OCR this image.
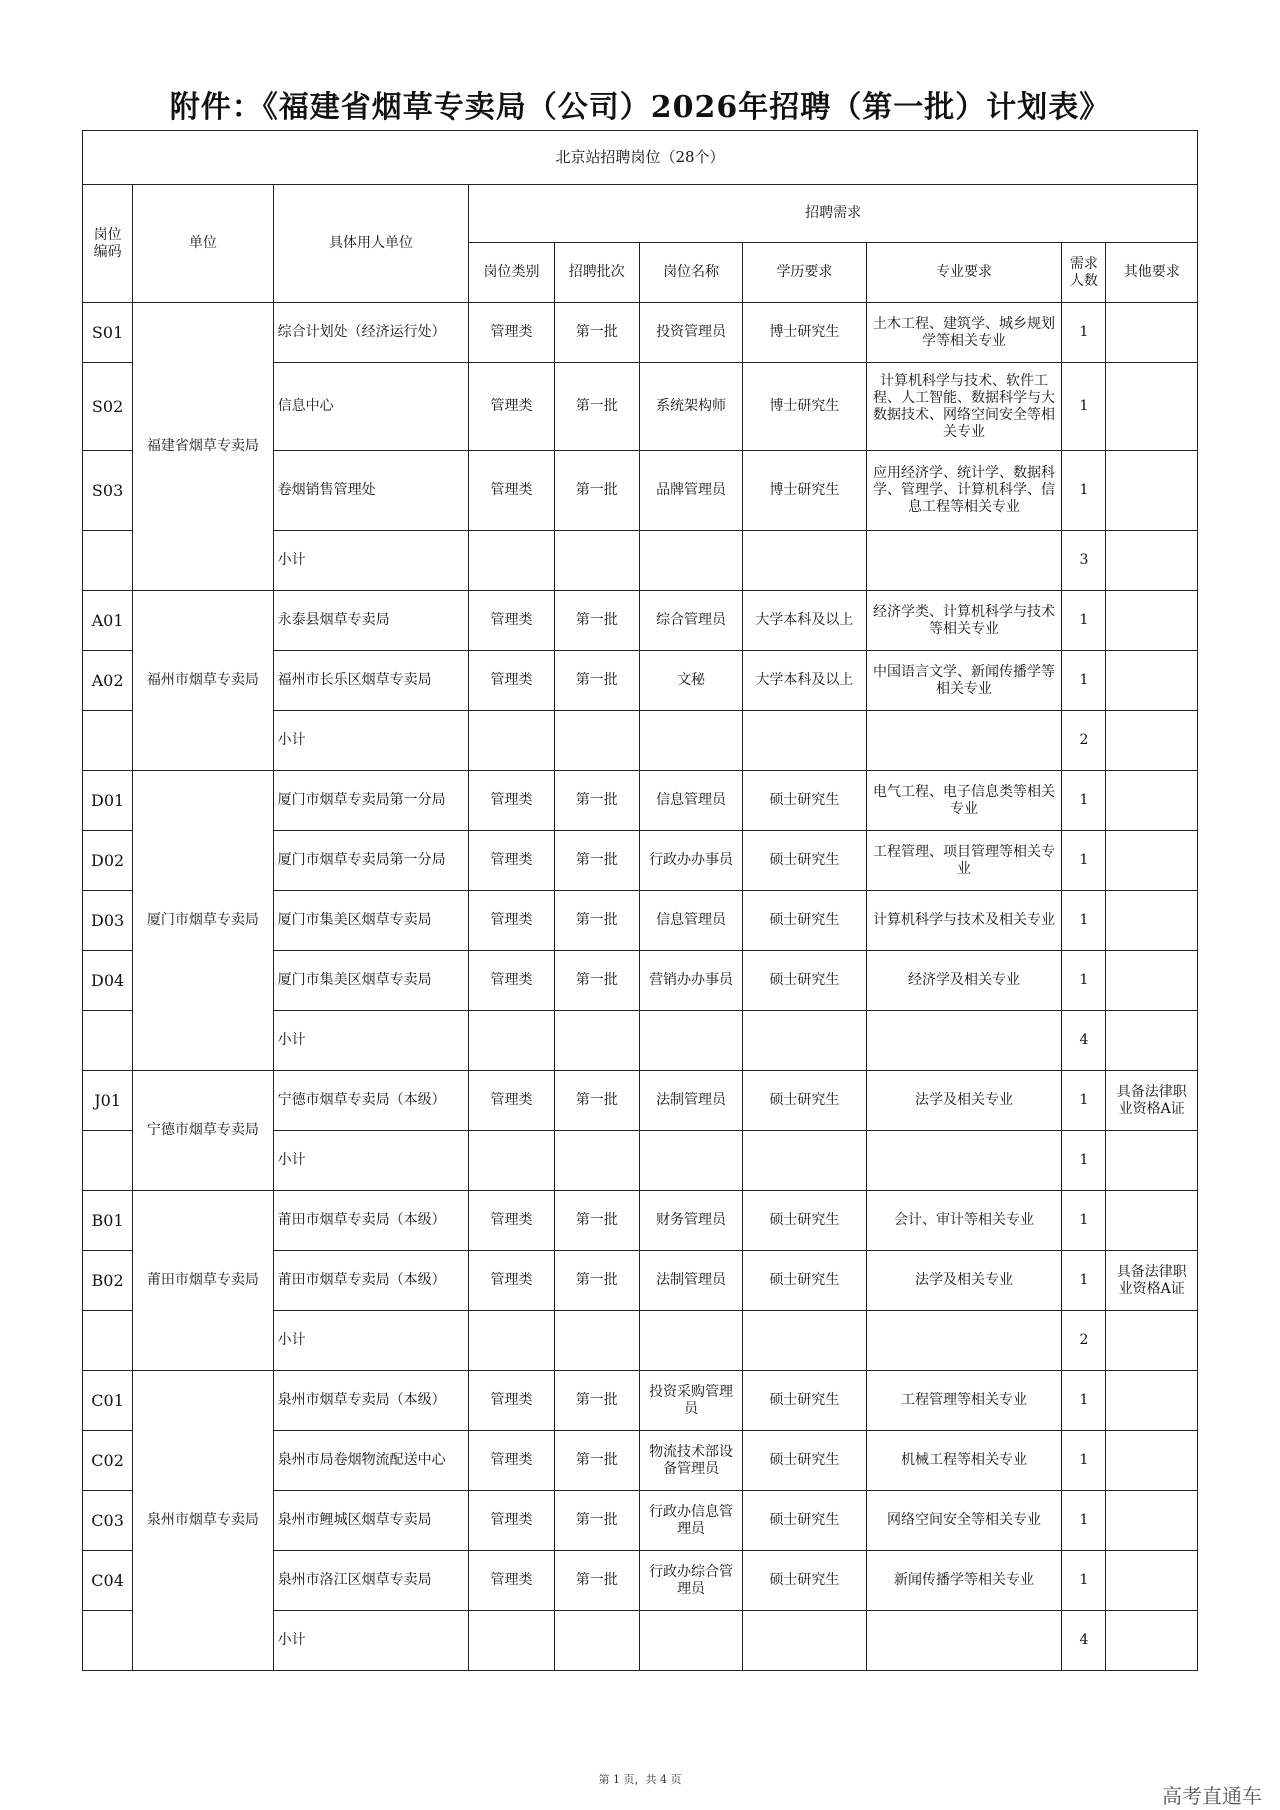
附件：《福建省烟草专卖局（公司）2026年招聘（第一批）计划表》
北京站招聘岗位（28个）									
岗位编码	单位	具体用人单位	招聘需求						
			岗位类别	招聘批次	岗位名称	学历要求	专业要求	需求人数	其他要求
S01	福建省烟草专卖局	综合计划处（经济运行处）	管理类	第一批	投资管理员	博士研究生	土木工程、建筑学、城乡规划学等相关专业	1	
S02		信息中心	管理类	第一批	系统架构师	博士研究生	计算机科学与技术、软件工程、人工智能、数据科学与大数据技术、网络空间安全等相关专业	1	
S03		卷烟销售管理处	管理类	第一批	品牌管理员	博士研究生	应用经济学、统计学、数据科学、管理学、计算机科学、信息工程等相关专业	1	
		小计						3	
A01	福州市烟草专卖局	永泰县烟草专卖局	管理类	第一批	综合管理员	大学本科及以上	经济学类、计算机科学与技术等相关专业	1	
A02		福州市长乐区烟草专卖局	管理类	第一批	文秘	大学本科及以上	中国语言文学、新闻传播学等相关专业	1	
		小计						2	
D01	厦门市烟草专卖局	厦门市烟草专卖局第一分局	管理类	第一批	信息管理员	硕士研究生	电气工程、电子信息类等相关专业	1	
D02		厦门市烟草专卖局第一分局	管理类	第一批	行政办办事员	硕士研究生	工程管理、项目管理等相关专业	1	
D03		厦门市集美区烟草专卖局	管理类	第一批	信息管理员	硕士研究生	计算机科学与技术及相关专业	1	
D04		厦门市集美区烟草专卖局	管理类	第一批	营销办办事员	硕士研究生	经济学及相关专业	1	
		小计						4	
J01	宁德市烟草专卖局	宁德市烟草专卖局（本级）	管理类	第一批	法制管理员	硕士研究生	法学及相关专业	1	具备法律职业资格A证
		小计						1	
B01	莆田市烟草专卖局	莆田市烟草专卖局（本级）	管理类	第一批	财务管理员	硕士研究生	会计、审计等相关专业	1	
B02		莆田市烟草专卖局（本级）	管理类	第一批	法制管理员	硕士研究生	法学及相关专业	1	具备法律职业资格A证
		小计						2	
C01	泉州市烟草专卖局	泉州市烟草专卖局（本级）	管理类	第一批	投资采购管理员	硕士研究生	工程管理等相关专业	1	
C02		泉州市局卷烟物流配送中心	管理类	第一批	物流技术部设备管理员	硕士研究生	机械工程等相关专业	1	
C03		泉州市鲤城区烟草专卖局	管理类	第一批	行政办信息管理员	硕士研究生	网络空间安全等相关专业	1	
C04		泉州市洛江区烟草专卖局	管理类	第一批	行政办综合管理员	硕士研究生	新闻传播学等相关专业	1	
		小计						4	
第 1 页，共 4 页
高考直通车
